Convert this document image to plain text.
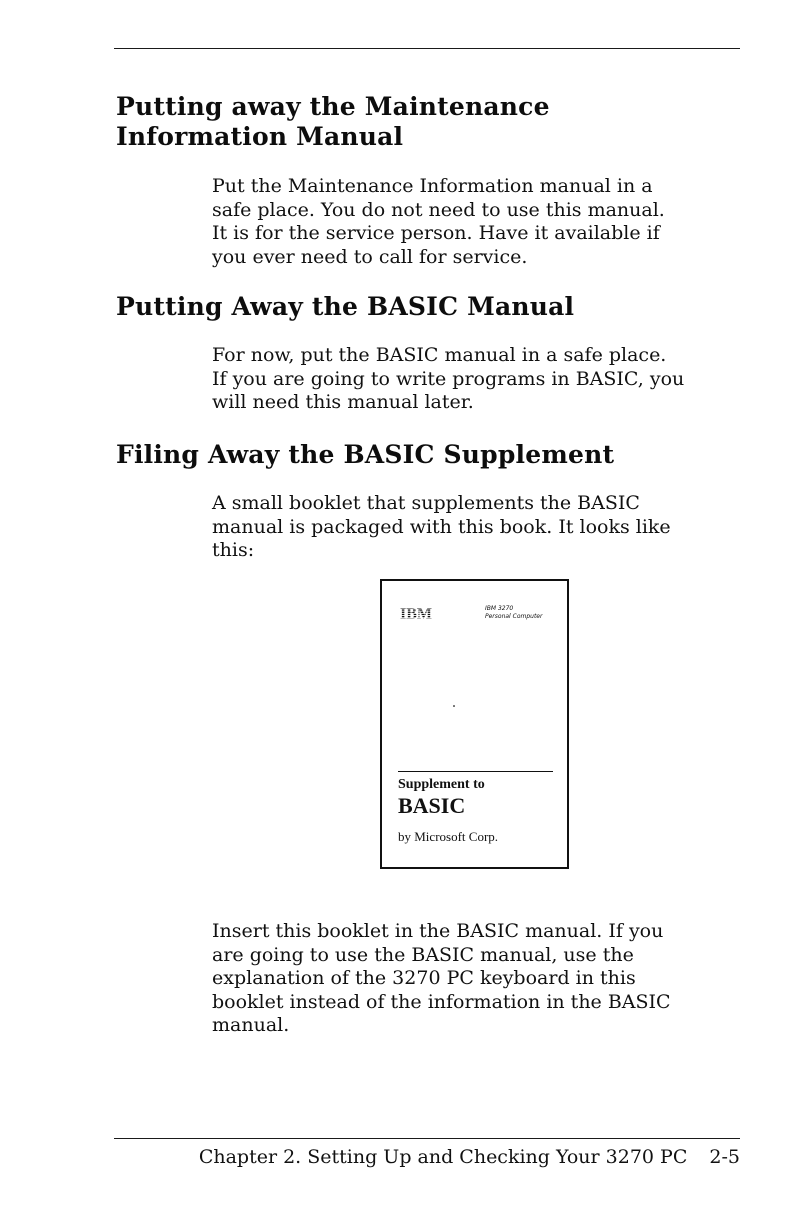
Putting away the Maintenance
Information Manual
Put the Maintenance Information manual in a
safe place. You do not need to use this manual.
It is for the service person. Have it available if
you ever need to call for service.
Putting Away the BASIC Manual
For now, put the BASIC manual in a safe place.
If you are going to write programs in BASIC, you
will need this manual later.
Filing Away the BASIC Supplement
A small booklet that supplements the BASIC
manual is packaged with this book. It looks like
this:
IBM 3270
Personal Computer
Supplement to
BASIC
by Microsoft Corp.
Insert this booklet in the BASIC manual. If you
are going to use the BASIC manual, use the
explanation of the 3270 PC keyboard in this
booklet instead of the information in the BASIC
manual.
Chapter 2. Setting Up and Checking Your 3270 PC 2-5
